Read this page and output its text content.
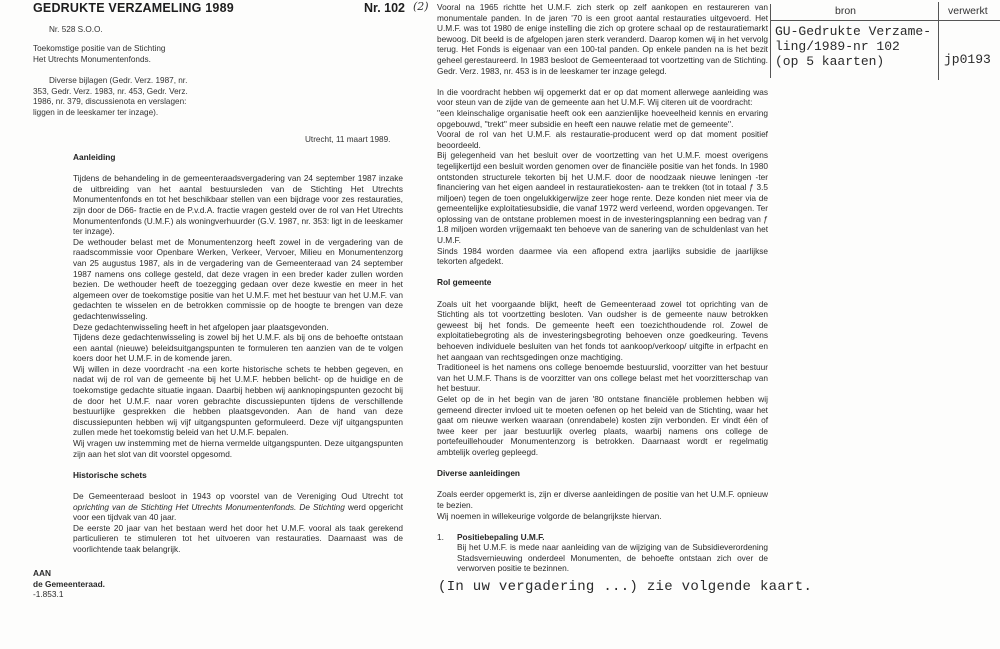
GEDRUKTE VERZAMELING 1989	Nr. 102
Nr. 528 S.O.O.
Toekomstige positie van de Stichting
Het Utrechts Monumentenfonds.
Diverse bijlagen (Gedr. Verz. 1987, nr. 353, Gedr. Verz. 1983, nr. 453, Gedr. Verz. 1986, nr. 379, discussienota en verslagen: liggen in de leeskamer ter inzage).
Utrecht, 11 maart 1989.

Aanleiding

Tijdens de behandeling in de gemeenteraadsvergadering van 24 september 1987 inzake de uitbreiding van het aantal bestuursleden van de Stichting Het Utrechts Monumentenfonds en tot het beschikbaar stellen van een bijdrage voor zes restauraties, zijn door de D66- fractie en de P.v.d.A. fractie vragen gesteld over de rol van Het Utrechts Monumentenfonds (U.M.F.) als woningverhuurder (G.V. 1987, nr. 353: ligt in de leeskamer ter inzage).

De wethouder belast met de Monumentenzorg heeft zowel in de vergadering van de raadscommissie voor Openbare Werken, Verkeer, Vervoer, Milieu en Monumentenzorg van 25 augustus 1987, als in de vergadering van de Gemeenteraad van 24 september 1987 namens ons college gesteld, dat deze vragen in een breder kader zullen worden bezien. De wethouder heeft de toezegging gedaan over deze kwestie en meer in het algemeen over de toekomstige positie van het U.M.F. met het bestuur van het U.M.F. van gedachten te wisselen en de betrokken commissie op de hoogte te brengen van deze gedachtenwisseling.

Deze gedachtenwisseling heeft in het afgelopen jaar plaatsgevonden.

Tijdens deze gedachtenwisseling is zowel bij het U.M.F. als bij ons de behoefte ontstaan een aantal (nieuwe) beleidsuitgangspunten te formuleren ten aanzien van de te volgen koers door het U.M.F. in de komende jaren.

Wij willen in deze voordracht -na een korte historische schets te hebben gegeven, en nadat wij de rol van de gemeente bij het U.M.F. hebben belicht- op de huidige en de toekomstige gedachte situatie ingaan. Daarbij hebben wij aanknopingspunten gezocht bij de door het U.M.F. naar voren gebrachte discussiepunten tijdens de verschillende bestuurlijke gesprekken die hebben plaatsgevonden. Aan de hand van deze discussiepunten hebben wij vijf uitgangspunten geformuleerd. Deze vijf uitgangspunten zullen mede het toekomstig beleid van het U.M.F. bepalen.

Wij vragen uw instemming met de hierna vermelde uitgangspunten. Deze uitgangspunten zijn aan het slot van dit voorstel opgesomd.

Historische schets

De Gemeenteraad besloot in 1943 op voorstel van de Vereniging Oud Utrecht tot oprichting van de Stichting Het Utrechts Monumentenfonds. De Stichting werd opgericht voor een tijdvak van 40 jaar.

De eerste 20 jaar van het bestaan werd het door het U.M.F. vooral als taak gerekend particulieren te stimuleren tot het uitvoeren van restauraties. Daarnaast was de voorlichtende taak belangrijk.

AAN
de Gemeenteraad.
-1.853.1
(2) Vooral na 1965 richtte het U.M.F. zich sterk op zelf aankopen en restaureren van monumentale panden. In de jaren '70 is een groot aantal restauraties uitgevoerd. Het U.M.F. was tot 1980 de enige instelling die zich op grotere schaal op de restauratiemarkt bewoog. Dit beeld is de afgelopen jaren sterk veranderd. Daarop komen wij in het vervolg terug. Het Fonds is eigenaar van een 100-tal panden. Op enkele panden na is het bezit geheel gerestaureerd. In 1983 besloot de Gemeenteraad tot voortzetting van de Stichting. Gedr. Verz. 1983, nr. 453 is in de leeskamer ter inzage gelegd.

In die voordracht hebben wij opgemerkt dat er op dat moment allerwege aanleiding was voor steun van de zijde van de gemeente aan het U.M.F. Wij citeren uit de voordracht:

''een kleinschalige organisatie heeft ook een aanzienlijke hoeveelheid kennis en ervaring opgebouwd, ''trekt'' meer subsidie en heeft een nauwe relatie met de gemeente''.

Vooral de rol van het U.M.F. als restauratie-producent werd op dat moment positief beoordeeld.

Bij gelegenheid van het besluit over de voortzetting van het U.M.F. moest overigens tegelijkertijd een besluit worden genomen over de financiële positie van het fonds. In 1980 ontstonden structurele tekorten bij het U.M.F. door de noodzaak nieuwe leningen -ter financiering van het eigen aandeel in restauratiekosten- aan te trekken (tot in totaal ƒ 3.5 miljoen) tegen de toen ongelukkigerwijze zeer hoge rente. Deze konden niet meer via de gemeentelijke exploitatiesubsidie, die vanaf 1972 werd verleend, worden opgevangen. Ter oplossing van de ontstane problemen moest in de investeringsplanning een bedrag van ƒ 1.8 miljoen worden vrijgemaakt ten behoeve van de sanering van de schuldenlast van het U.M.F.

Sinds 1984 worden daarmee via een aflopend extra jaarlijks subsidie de jaarlijkse tekorten afgedekt.

Rol gemeente

Zoals uit het voorgaande blijkt, heeft de Gemeenteraad zowel tot oprichting van de Stichting als tot voortzetting besloten. Van oudsher is de gemeente nauw betrokken geweest bij het fonds. De gemeente heeft een toezichthoudende rol. Zowel de exploitatiebegroting als de investeringsbegroting behoeven onze goedkeuring. Tevens behoeven individuele besluiten van het fonds tot aankoop/verkoop/ uitgifte in erfpacht en het aangaan van rechtsgedingen onze machtiging.

Traditioneel is het namens ons college benoemde bestuurslid, voorzitter van het bestuur van het U.M.F. Thans is de voorzitter van ons college belast met het voorzitterschap van het bestuur.

Gelet op de in het begin van de jaren '80 ontstane financiële problemen hebben wij gemeend directer invloed uit te moeten oefenen op het beleid van de Stichting, waar het gaat om nieuwe werken waaraan (onrendabele) kosten zijn verbonden. Er vindt één of twee keer per jaar bestuurlijk overleg plaats, waarbij namens ons college de portefeuillehouder Monumentenzorg is betrokken. Daarnaast wordt er regelmatig ambtelijk overleg gepleegd.

Diverse aanleidingen

Zoals eerder opgemerkt is, zijn er diverse aanleidingen de positie van het U.M.F. opnieuw te bezien.

Wij noemen in willekeurige volgorde de belangrijkste hiervan.

1. Positiebepaling U.M.F.

Bij het U.M.F. is mede naar aanleiding van de wijziging van de Subsidieverordening Stadsvernieuwing onderdeel Monumenten, de behoefte ontstaan zich over de verworven positie te bezinnen.

(In uw vergadering ...) zie volgende kaart.
bron	verwerkt
GU-Gedrukte Verzame-
ling/1989-nr 102
(op 5 kaarten)	jp0193
